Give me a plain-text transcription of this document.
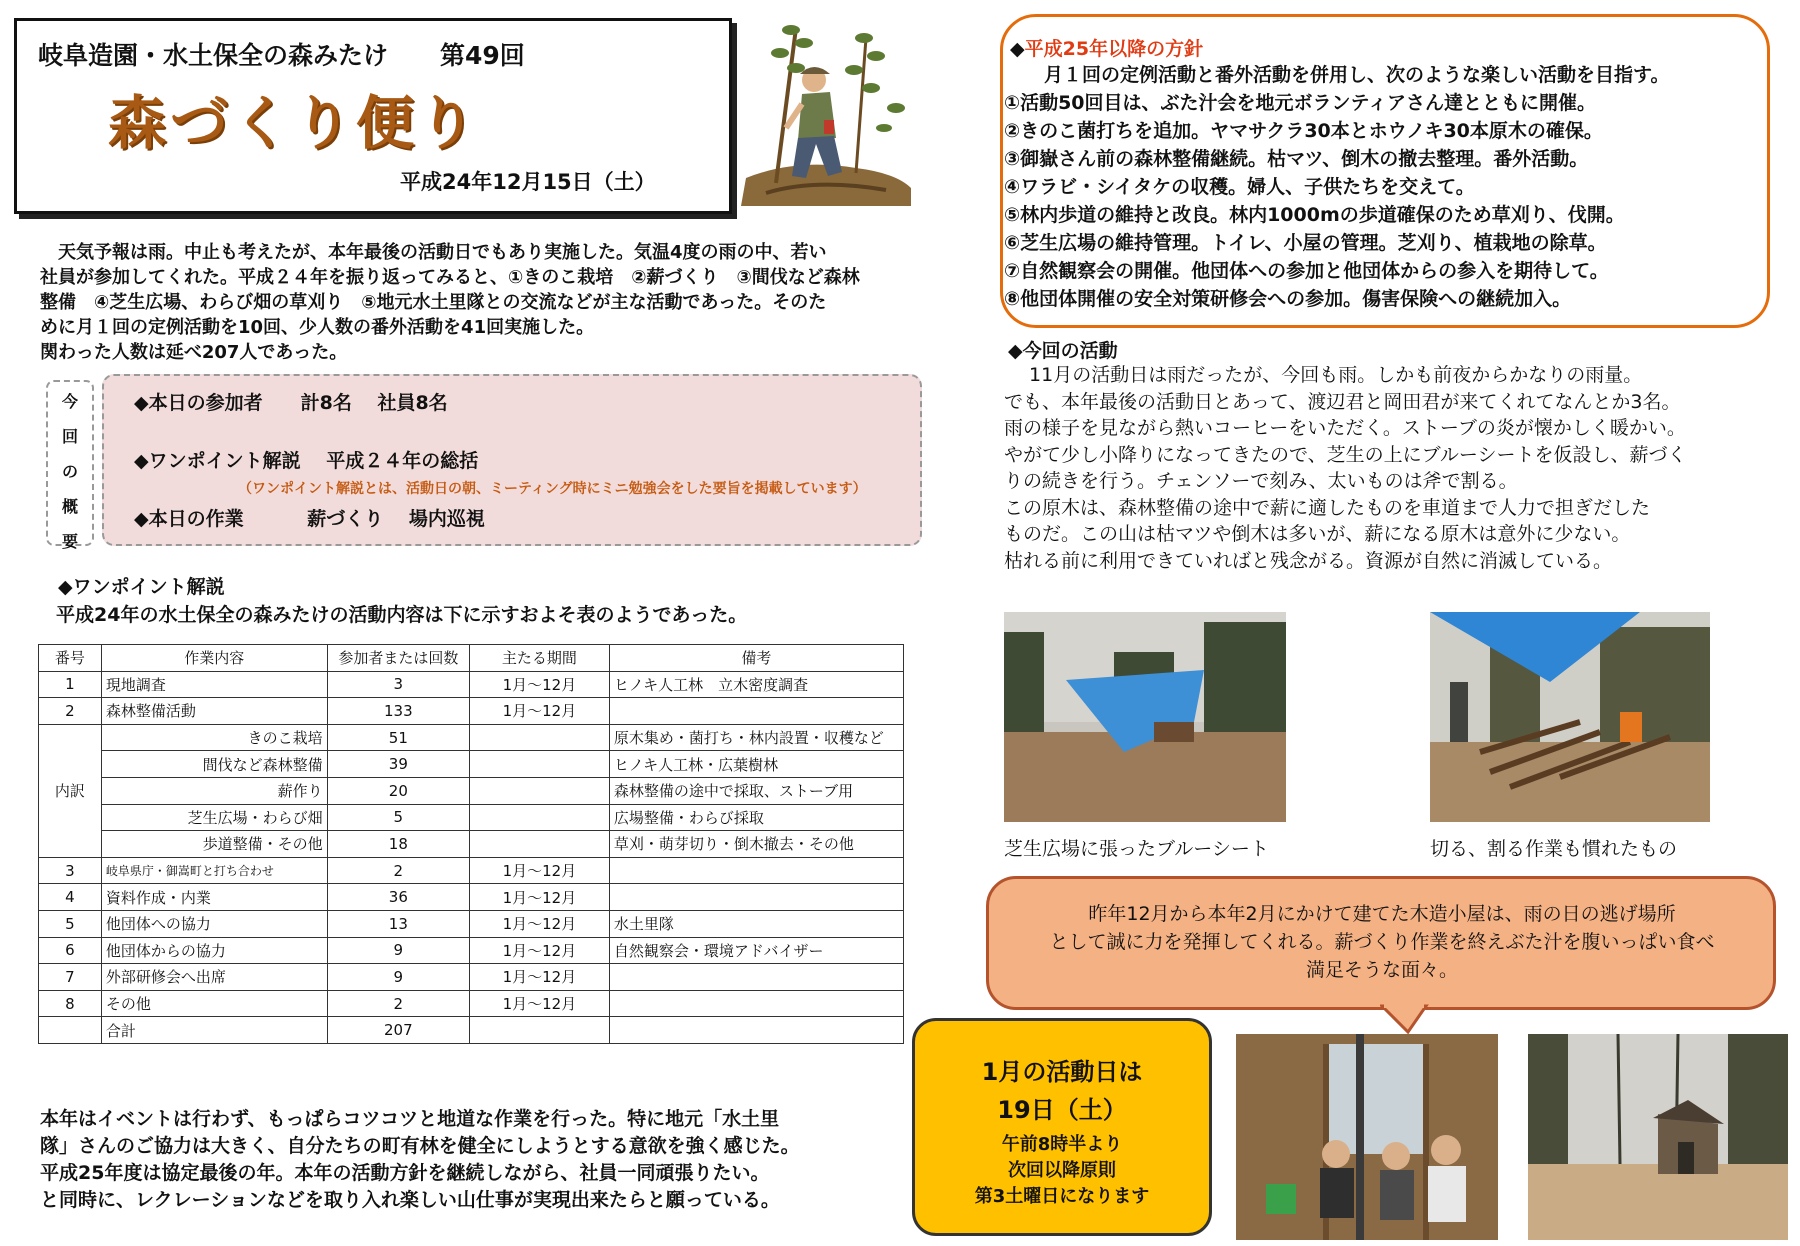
岐阜造園・水土保全の森みたけ 第49回
森づくり便り
平成24年12月15日（土）
天気予報は雨。中止も考えたが、本年最後の活動日でもあり実施した。気温4度の雨の中、若い
社員が参加してくれた。平成２４年を振り返ってみると、①きのこ栽培　②薪づくり　③間伐など森林
整備　④芝生広場、わらび畑の草刈り　⑤地元水土里隊との交流などが主な活動であった。そのた
めに月１回の定例活動を10回、少人数の番外活動を41回実施した。
関わった人数は延べ207人であった。
今
回
の
概
要
◆本日の参加者　　計8名　 社員8名
◆ワンポイント解説　 平成２４年の総括
（ワンポイント解説とは、活動日の朝、ミーティング時にミニ勉強会をした要旨を掲載しています）
◆本日の作業　　　 薪づくり　 場内巡視
◆ワンポイント解説
平成24年の水土保全の森みたけの活動内容は下に示すおよそ表のようであった。
番号	作業内容	参加者または回数	主たる期間	備考
1	現地調査	3	1月～12月	ヒノキ人工林　立木密度調査
2	森林整備活動	133	1月～12月	
内訳	きのこ栽培	51		原木集め・菌打ち・林内設置・収穫など
	間伐など森林整備	39		ヒノキ人工林・広葉樹林
	薪作り	20		森林整備の途中で採取、ストーブ用
	芝生広場・わらび畑	5		広場整備・わらび採取
	歩道整備・その他	18		草刈・萌芽切り・倒木撤去・その他
3	岐阜県庁・御嵩町と打ち合わせ	2	1月～12月	
4	資料作成・内業	36	1月～12月	
5	他団体への協力	13	1月～12月	水土里隊
6	他団体からの協力	9	1月～12月	自然観察会・環境アドバイザー
7	外部研修会へ出席	9	1月～12月	
8	その他	2	1月～12月	
	合計	207		
本年はイベントは行わず、もっぱらコツコツと地道な作業を行った。特に地元「水土里
隊」さんのご協力は大きく、自分たちの町有林を健全にしようとする意欲を強く感じた。
平成25年度は協定最後の年。本年の活動方針を継続しながら、社員一同頑張りたい。
と同時に、レクレーションなどを取り入れ楽しい山仕事が実現出来たらと願っている。
◆平成25年以降の方針
月１回の定例活動と番外活動を併用し、次のような楽しい活動を目指す。
①活動50回目は、ぶた汁会を地元ボランティアさん達とともに開催。
②きのこ菌打ちを追加。ヤマサクラ30本とホウノキ30本原木の確保。
③御嶽さん前の森林整備継続。枯マツ、倒木の撤去整理。番外活動。
④ワラビ・シイタケの収穫。婦人、子供たちを交えて。
⑤林内歩道の維持と改良。林内1000mの歩道確保のため草刈り、伐開。
⑥芝生広場の維持管理。トイレ、小屋の管理。芝刈り、植栽地の除草。
⑦自然観察会の開催。他団体への参加と他団体からの参入を期待して。
⑧他団体開催の安全対策研修会への参加。傷害保険への継続加入。
◆今回の活動
　 11月の活動日は雨だったが、今回も雨。しかも前夜からかなりの雨量。
でも、本年最後の活動日とあって、渡辺君と岡田君が来てくれてなんとか3名。
雨の様子を見ながら熱いコーヒーをいただく。ストーブの炎が懐かしく暖かい。
やがて少し小降りになってきたので、芝生の上にブルーシートを仮設し、薪づく
りの続きを行う。チェンソーで刻み、太いものは斧で割る。
この原木は、森林整備の途中で薪に適したものを車道まで人力で担ぎだした
ものだ。この山は枯マツや倒木は多いが、薪になる原木は意外に少ない。
枯れる前に利用できていればと残念がる。資源が自然に消滅している。
芝生広場に張ったブルーシート	切る、割る作業も慣れたもの
昨年12月から本年2月にかけて建てた木造小屋は、雨の日の逃げ場所
として誠に力を発揮してくれる。薪づくり作業を終えぶた汁を腹いっぱい食べ
満足そうな面々。
1月の活動日は
19日（土）
午前8時半より
次回以降原則
第3土曜日になります
